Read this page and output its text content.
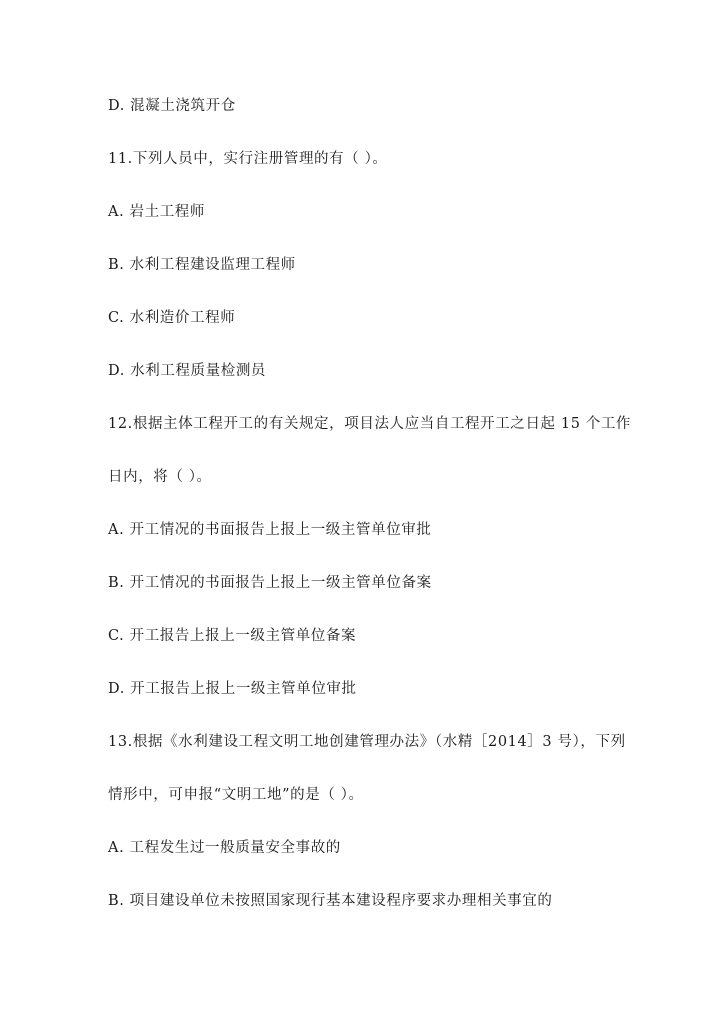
D. 混凝土浇筑开仓
11.下列人员中，实行注册管理的有（ ）。
A. 岩土工程师
B. 水利工程建设监理工程师
C. 水利造价工程师
D. 水利工程质量检测员
12.根据主体工程开工的有关规定，项目法人应当自工程开工之日起 15 个工作
日内，将（ ）。
A. 开工情况的书面报告上报上一级主管单位审批
B. 开工情况的书面报告上报上一级主管单位备案
C. 开工报告上报上一级主管单位备案
D. 开工报告上报上一级主管单位审批
13.根据《水利建设工程文明工地创建管理办法》（水精［2014］3 号），下列
情形中，可申报“文明工地”的是（ ）。
A. 工程发生过一般质量安全事故的
B. 项目建设单位未按照国家现行基本建设程序要求办理相关事宜的
